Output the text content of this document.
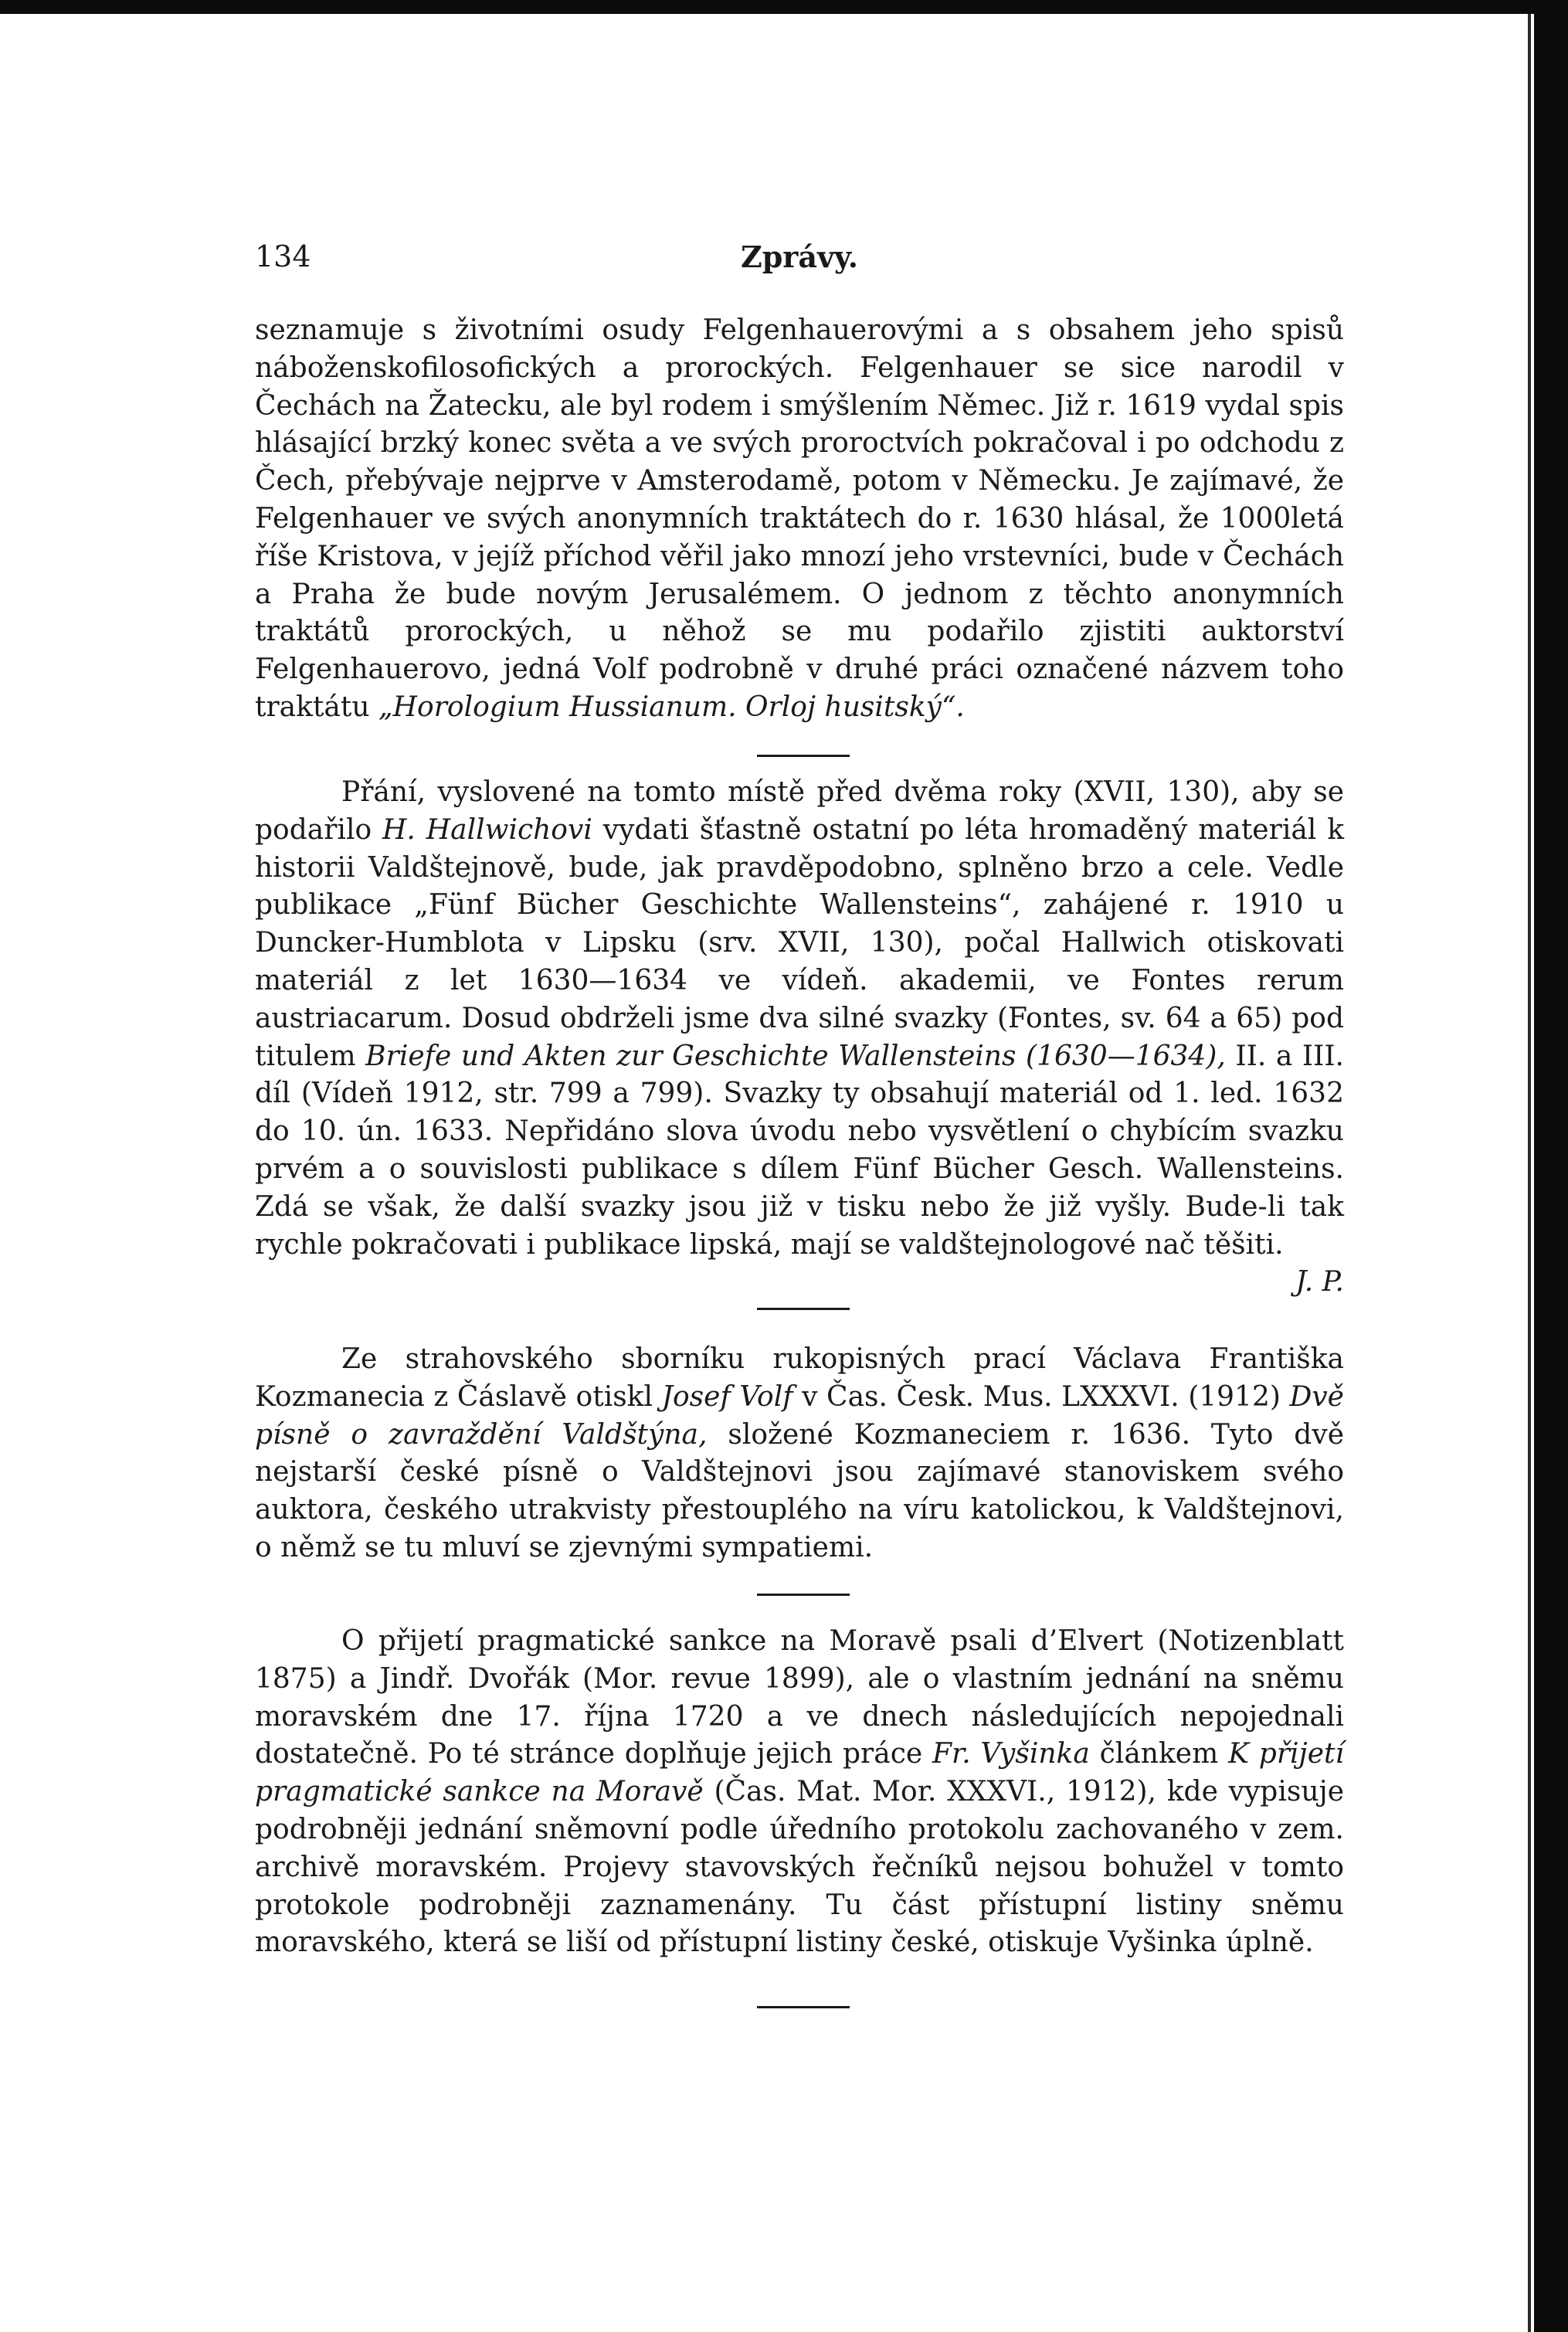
134	Zprávy.

seznamuje s životními osudy Felgenhauerovými a s obsahem jeho spisů náboženskofilosofických a prorockých. Felgenhauer se sice narodil v Čechách na Žatecku, ale byl rodem i smýšlením Němec. Již r. 1619 vydal spis hlásající brzký konec světa a ve svých proroctvích pokračoval i po odchodu z Čech, přebývaje nejprve v Amsterodamě, potom v Německu. Je zajímavé, že Felgenhauer ve svých anonymních traktátech do r. 1630 hlásal, že 1000letá říše Kristova, v jejíž příchod věřil jako mnozí jeho vrstevníci, bude v Čechách a Praha že bude novým Jerusalémem. O jednom z těchto anonymních traktátů prorockých, u něhož se mu podařilo zjistiti auktorství Felgenhauerovo, jedná Volf podrobně v druhé práci označené názvem toho traktátu „Horologium Hussianum. Orloj husitský“.

Přání, vyslovené na tomto místě před dvěma roky (XVII, 130), aby se podařilo H. Hallwichovi vydati šťastně ostatní po léta hromaděný materiál k historii Valdštejnově, bude, jak pravděpodobno, splněno brzo a cele. Vedle publikace „Fünf Bücher Geschichte Wallensteins“, zahájené r. 1910 u Duncker-Humblota v Lipsku (srv. XVII, 130), počal Hallwich otiskovati materiál z let 1630—1634 ve vídeň. akademii, ve Fontes rerum austriacarum. Dosud obdrželi jsme dva silné svazky (Fontes, sv. 64 a 65) pod titulem Briefe und Akten zur Geschichte Wallensteins (1630—1634), II. a III. díl (Vídeň 1912, str. 799 a 799). Svazky ty obsahují materiál od 1. led. 1632 do 10. ún. 1633. Nepřidáno slova úvodu nebo vysvětlení o chybícím svazku prvém a o souvislosti publikace s dílem Fünf Bücher Gesch. Wallensteins. Zdá se však, že další svazky jsou již v tisku nebo že již vyšly. Bude-li tak rychle pokračovati i publikace lipská, mají se valdštejnologové nač těšiti.

J. P.

Ze strahovského sborníku rukopisných prací Václava Františka Kozmanecia z Čáslavě otiskl Josef Volf v Čas. Česk. Mus. LXXXVI. (1912) Dvě písně o zavraždění Valdštýna, složené Kozmaneciem r. 1636. Tyto dvě nejstarší české písně o Valdštejnovi jsou zajímavé stanoviskem svého auktora, českého utrakvisty přestouplého na víru katolickou, k Valdštejnovi, o němž se tu mluví se zjevnými sympatiemi.

O přijetí pragmatické sankce na Moravě psali d’Elvert (Notizenblatt 1875) a Jindř. Dvořák (Mor. revue 1899), ale o vlastním jednání na sněmu moravském dne 17. října 1720 a ve dnech následujících nepojednali dostatečně. Po té stránce doplňuje jejich práce Fr. Vyšinka článkem K přijetí pragmatické sankce na Moravě (Čas. Mat. Mor. XXXVI., 1912), kde vypisuje podrobněji jednání sněmovní podle úředního protokolu zachovaného v zem. archivě moravském. Projevy stavovských řečníků nejsou bohužel v tomto protokole podrobněji zaznamenány. Tu část přístupní listiny sněmu moravského, která se liší od přístupní listiny české, otiskuje Vyšinka úplně.
